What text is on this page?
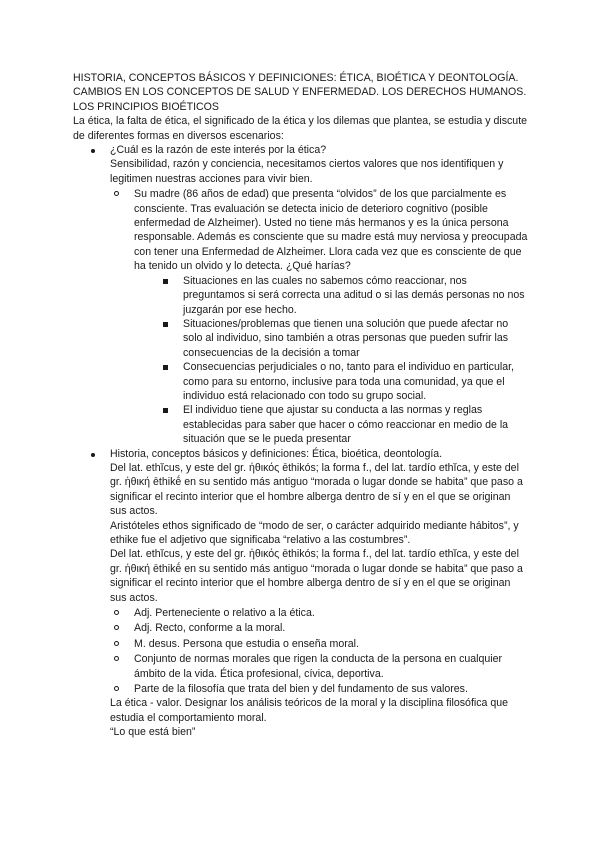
HISTORIA, CONCEPTOS BÁSICOS Y DEFINICIONES: ÉTICA, BIOÉTICA Y DEONTOLOGÍA. CAMBIOS EN LOS CONCEPTOS DE SALUD Y ENFERMEDAD. LOS DERECHOS HUMANOS. LOS PRINCIPIOS BIOÉTICOS

La ética, la falta de ética, el significado de la ética y los dilemas que plantea, se estudia y discute de diferentes formas en diversos escenarios:

¿Cuál es la razón de este interés por la ética?

Sensibilidad, razón y conciencia, necesitamos ciertos valores que nos identifiquen y legitimen nuestras acciones para vivir bien.

Su madre (86 años de edad) que presenta “olvidos” de los que parcialmente es consciente. Tras evaluación se detecta inicio de deterioro cognitivo (posible enfermedad de Alzheimer). Usted no tiene más hermanos y es la única persona responsable. Además es consciente que su madre está muy nerviosa y preocupada con tener una Enfermedad de Alzheimer. Llora cada vez que es consciente de que ha tenido un olvido y lo detecta. ¿Qué harías?

Situaciones en las cuales no sabemos cómo reaccionar, nos preguntamos si será correcta una aditud o si las demás personas no nos juzgarán por ese hecho.

Situaciones/problemas que tienen una solución que puede afectar no solo al individuo, sino también a otras personas que pueden sufrir las consecuencias de la decisión a tomar

Consecuencias perjudiciales o no, tanto para el individuo en particular, como para su entorno, inclusive para toda una comunidad, ya que el individuo está relacionado con todo su grupo social.

El individuo tiene que ajustar su conducta a las normas y reglas establecidas para saber que hacer o cómo reaccionar en medio de la situación que se le pueda presentar

Historia, conceptos básicos y definiciones: Ética, bioética, deontología.

Del lat. ethĭcus, y este del gr. ἠθικός ēthikós; la forma f., del lat. tardío ethĭca, y este del gr. ἠθική ēthikḗ en su sentido más antiguo “morada o lugar donde se habita” que paso a significar el recinto interior que el hombre alberga dentro de sí y en el que se originan sus actos.

Aristóteles ethos significado de “modo de ser, o carácter adquirido mediante hábitos”, y ethike fue el adjetivo que significaba “relativo a las costumbres”.

Del lat. ethĭcus, y este del gr. ἠθικός ēthikós; la forma f., del lat. tardío ethĭca, y este del gr. ἠθική ēthikḗ en su sentido más antiguo “morada o lugar donde se habita” que paso a significar el recinto interior que el hombre alberga dentro de sí y en el que se originan sus actos.

Adj. Perteneciente o relativo a la ética.

Adj. Recto, conforme a la moral.

M. desus. Persona que estudia o enseña moral.

Conjunto de normas morales que rigen la conducta de la persona en cualquier ámbito de la vida. Ética profesional, cívica, deportiva.

Parte de la filosofía que trata del bien y del fundamento de sus valores.

La ética - valor. Designar los análisis teóricos de la moral y la disciplina filosófica que estudia el comportamiento moral.

“Lo que está bien”
